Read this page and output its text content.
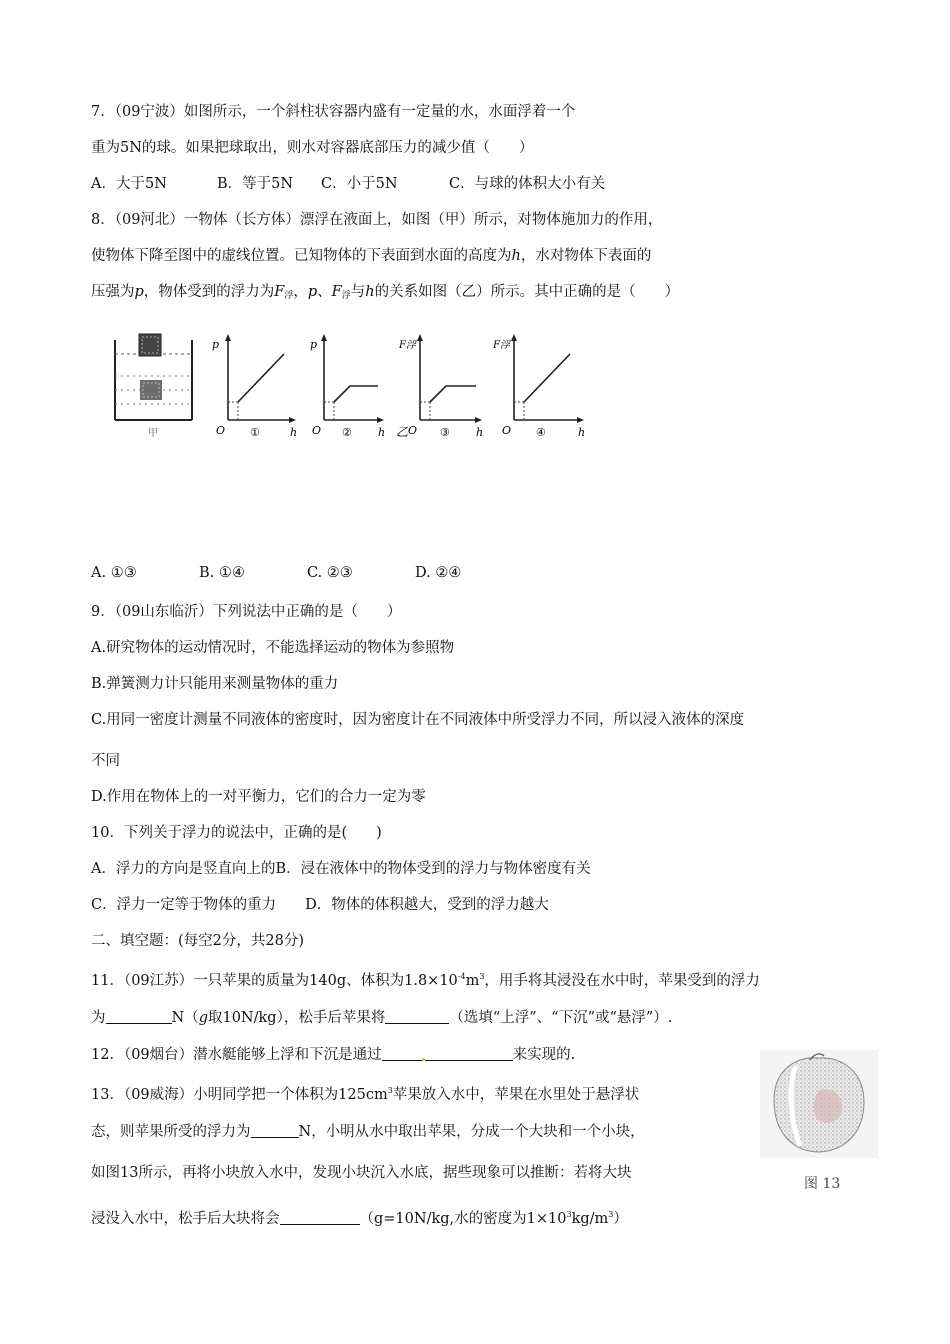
7．（09宁波）如图所示，一个斜柱状容器内盛有一定量的水，水面浮着一个
重为5N的球。如果把球取出，则水对容器底部压力的减少值（　　）
A．大于5N	B．等于5N C．小于5N	C．与球的体积大小有关
8．（09河北）一物体（长方体）漂浮在液面上，如图（甲）所示，对物体施加力的作用，
使物体下降至图中的虚线位置。已知物体的下表面到水面的高度为h，水对物体下表面的
压强为p，物体受到的浮力为$F_浮$，p、$F_浮$与h的关系如图（乙）所示。其中正确的是（　　）
甲
p
O ①	h
p
O ② h 乙
F浮
O ③ h
F浮
O ④	h
A. ①③	B. ①④	C. ②③	D. ②④
9．（09山东临沂）下列说法中正确的是（　　）
A.研究物体的运动情况时，不能选择运动的物体为参照物
B.弹簧测力计只能用来测量物体的重力
C.用同一密度计测量不同液体的密度时，因为密度计在不同液体中所受浮力不同，所以浸入液体的深度
不同
D.作用在物体上的一对平衡力，它们的合力一定为零
10．下列关于浮力的说法中，正确的是(　　)
A．浮力的方向是竖直向上的B．浸在液体中的物体受到的浮力与物体密度有关
C．浮力一定等于物体的重力　　D．物体的体积越大，受到的浮力越大
二、填空题：(每空2分，共28分)
11．（09江苏）一只苹果的质量为140g、体积为$1.8\times 10^{-4}m^3$，用手将其浸没在水中时，苹果受到的浮力
为	N（g取10N/kg），松手后苹果将	（选填“上浮”、“下沉”或“悬浮”）.
12．（09烟台）潜水艇能够上浮和下沉是通过	来实现的.
13．（09威海）小明同学把一个体积为$125cm^3$苹果放入水中，苹果在水里处于悬浮状
态，则苹果所受的浮力为	N，小明从水中取出苹果，分成一个大块和一个小块，
如图13所示，再将小块放入水中，发现小块沉入水底，据些现象可以推断：若将大块
浸没入水中，松手后大块将会	（g=10N/kg,水的密度为$1\times 10^3kg/m^3$）
图 13
